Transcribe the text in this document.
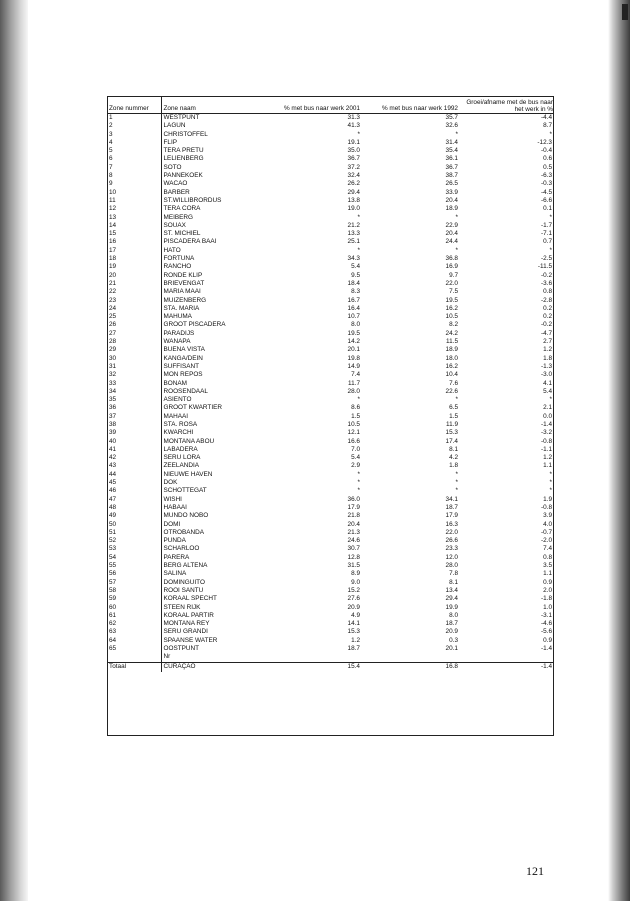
Zone nummer	Zone naam	% met bus naar werk 2001	% met bus naar werk 1992	Groei/afname met de bus naar het werk in %
1	WESTPUNT	31.3	35.7	-4.4
2	LAGUN	41.3	32.6	8.7
3	CHRISTOFFEL	*	*	*
4	FLIP	19.1	31.4	-12.3
5	TERA PRETU	35.0	35.4	-0.4
6	LELIENBERG	36.7	36.1	0.6
7	SOTO	37.2	36.7	0.5
8	PANNEKOEK	32.4	38.7	-6.3
9	WACAO	26.2	26.5	-0.3
10	BARBER	29.4	33.9	-4.5
11	ST.WILLIBRORDUS	13.8	20.4	-6.6
12	TERA CORA	19.0	18.9	0.1
13	MEIBERG	*	*	*
14	SOUAX	21.2	22.9	-1.7
15	ST. MICHIEL	13.3	20.4	-7.1
16	PISCADERA BAAI	25.1	24.4	0.7
17	HATO	*	*	*
18	FORTUNA	34.3	36.8	-2.5
19	RANCHO	5.4	16.9	-11.5
20	RONDE KLIP	9.5	9.7	-0.2
21	BRIEVENGAT	18.4	22.0	-3.6
22	MARIA MAAI	8.3	7.5	0.8
23	MUIZENBERG	16.7	19.5	-2.8
24	STA. MARIA	16.4	16.2	0.2
25	MAHUMA	10.7	10.5	0.2
26	GROOT PISCADERA	8.0	8.2	-0.2
27	PARADIJS	19.5	24.2	-4.7
28	WANAPA	14.2	11.5	2.7
29	BUENA VISTA	20.1	18.9	1.2
30	KANGA/DEIN	19.8	18.0	1.8
31	SUFFISANT	14.9	16.2	-1.3
32	MON REPOS	7.4	10.4	-3.0
33	BONAM	11.7	7.6	4.1
34	ROOSENDAAL	28.0	22.6	5.4
35	ASIENTO	*	*	*
36	GROOT KWARTIER	8.6	6.5	2.1
37	MAHAAI	1.5	1.5	0.0
38	STA. ROSA	10.5	11.9	-1.4
39	KWARCHI	12.1	15.3	-3.2
40	MONTANA ABOU	16.6	17.4	-0.8
41	LABADERA	7.0	8.1	-1.1
42	SERU LORA	5.4	4.2	1.2
43	ZEELANDIA	2.9	1.8	1.1
44	NIEUWE HAVEN	*	*	*
45	DOK	*	*	*
46	SCHOTTEGAT	*	*	*
47	WISHI	36.0	34.1	1.9
48	HABAAI	17.9	18.7	-0.8
49	MUNDO NOBO	21.8	17.9	3.9
50	DOMI	20.4	16.3	4.0
51	OTROBANDA	21.3	22.0	-0.7
52	PUNDA	24.6	26.6	-2.0
53	SCHARLOO	30.7	23.3	7.4
54	PARERA	12.8	12.0	0.8
55	BERG ALTENA	31.5	28.0	3.5
56	SALINA	8.9	7.8	1.1
57	DOMINGUITO	9.0	8.1	0.9
58	ROOI SANTU	15.2	13.4	2.0
59	KORAAL SPECHT	27.6	29.4	-1.8
60	STEEN RIJK	20.9	19.9	1.0
61	KORAAL PARTIR	4.9	8.0	-3.1
62	MONTANA REY	14.1	18.7	-4.6
63	SERU GRANDI	15.3	20.9	-5.6
64	SPAANSE WATER	1.2	0.3	0.9
65	OOSTPUNT	18.7	20.1	-1.4
	Nr			
Totaal	CURAÇAO	15.4	16.8	-1.4
121
